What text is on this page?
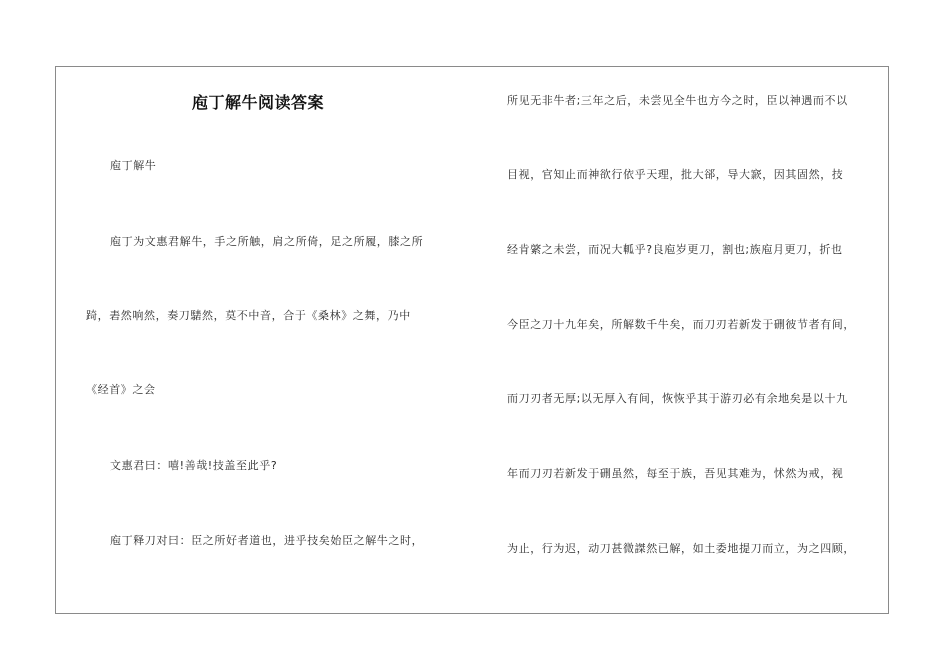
庖丁解牛阅读答案
庖丁解牛
庖丁为文惠君解牛，手之所触，肩之所倚，足之所履，膝之所
踦，砉然响然，奏刀騞然，莫不中音，合于《桑林》之舞，乃中
《经首》之会
文惠君曰：嘻!善哉!技盖至此乎?
庖丁释刀对曰：臣之所好者道也，进乎技矣始臣之解牛之时，
所见无非牛者;三年之后，未尝见全牛也方今之时，臣以神遇而不以
目视，官知止而神欲行依乎天理，批大郤，导大窾，因其固然，技
经肯綮之未尝，而况大軱乎?良庖岁更刀，割也;族庖月更刀，折也
今臣之刀十九年矣，所解数千牛矣，而刀刃若新发于硎彼节者有间，
而刀刃者无厚;以无厚入有间，恢恢乎其于游刃必有余地矣是以十九
年而刀刃若新发于硎虽然，每至于族，吾见其难为，怵然为戒，视
为止，行为迟，动刀甚微謋然已解，如土委地提刀而立，为之四顾，
